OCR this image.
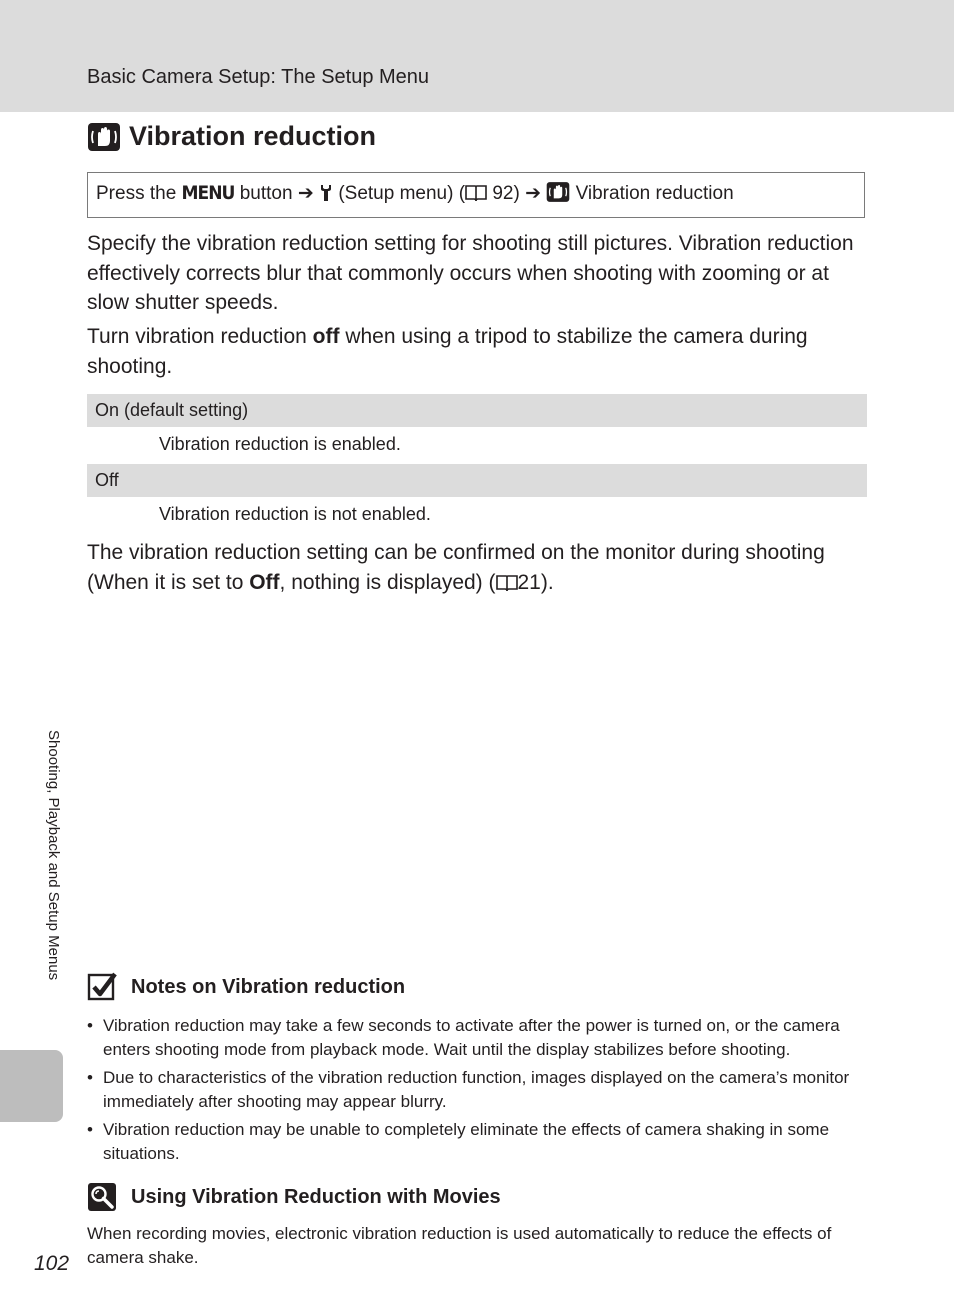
Basic Camera Setup: The Setup Menu
Vibration reduction
Press the MENU button ➔ (Setup menu) ( 92) ➔ Vibration reduction
Specify the vibration reduction setting for shooting still pictures. Vibration reduction effectively corrects blur that commonly occurs when shooting with zooming or at slow shutter speeds.
Turn vibration reduction off when using a tripod to stabilize the camera during shooting.
On (default setting)
Vibration reduction is enabled.
Off
Vibration reduction is not enabled.
The vibration reduction setting can be confirmed on the monitor during shooting (When it is set to Off, nothing is displayed) ( 21).
Shooting, Playback and Setup Menus
Notes on Vibration reduction
• Vibration reduction may take a few seconds to activate after the power is turned on, or the camera enters shooting mode from playback mode. Wait until the display stabilizes before shooting.
• Due to characteristics of the vibration reduction function, images displayed on the camera’s monitor immediately after shooting may appear blurry.
• Vibration reduction may be unable to completely eliminate the effects of camera shaking in some situations.
Using Vibration Reduction with Movies
When recording movies, electronic vibration reduction is used automatically to reduce the effects of camera shake.
102
